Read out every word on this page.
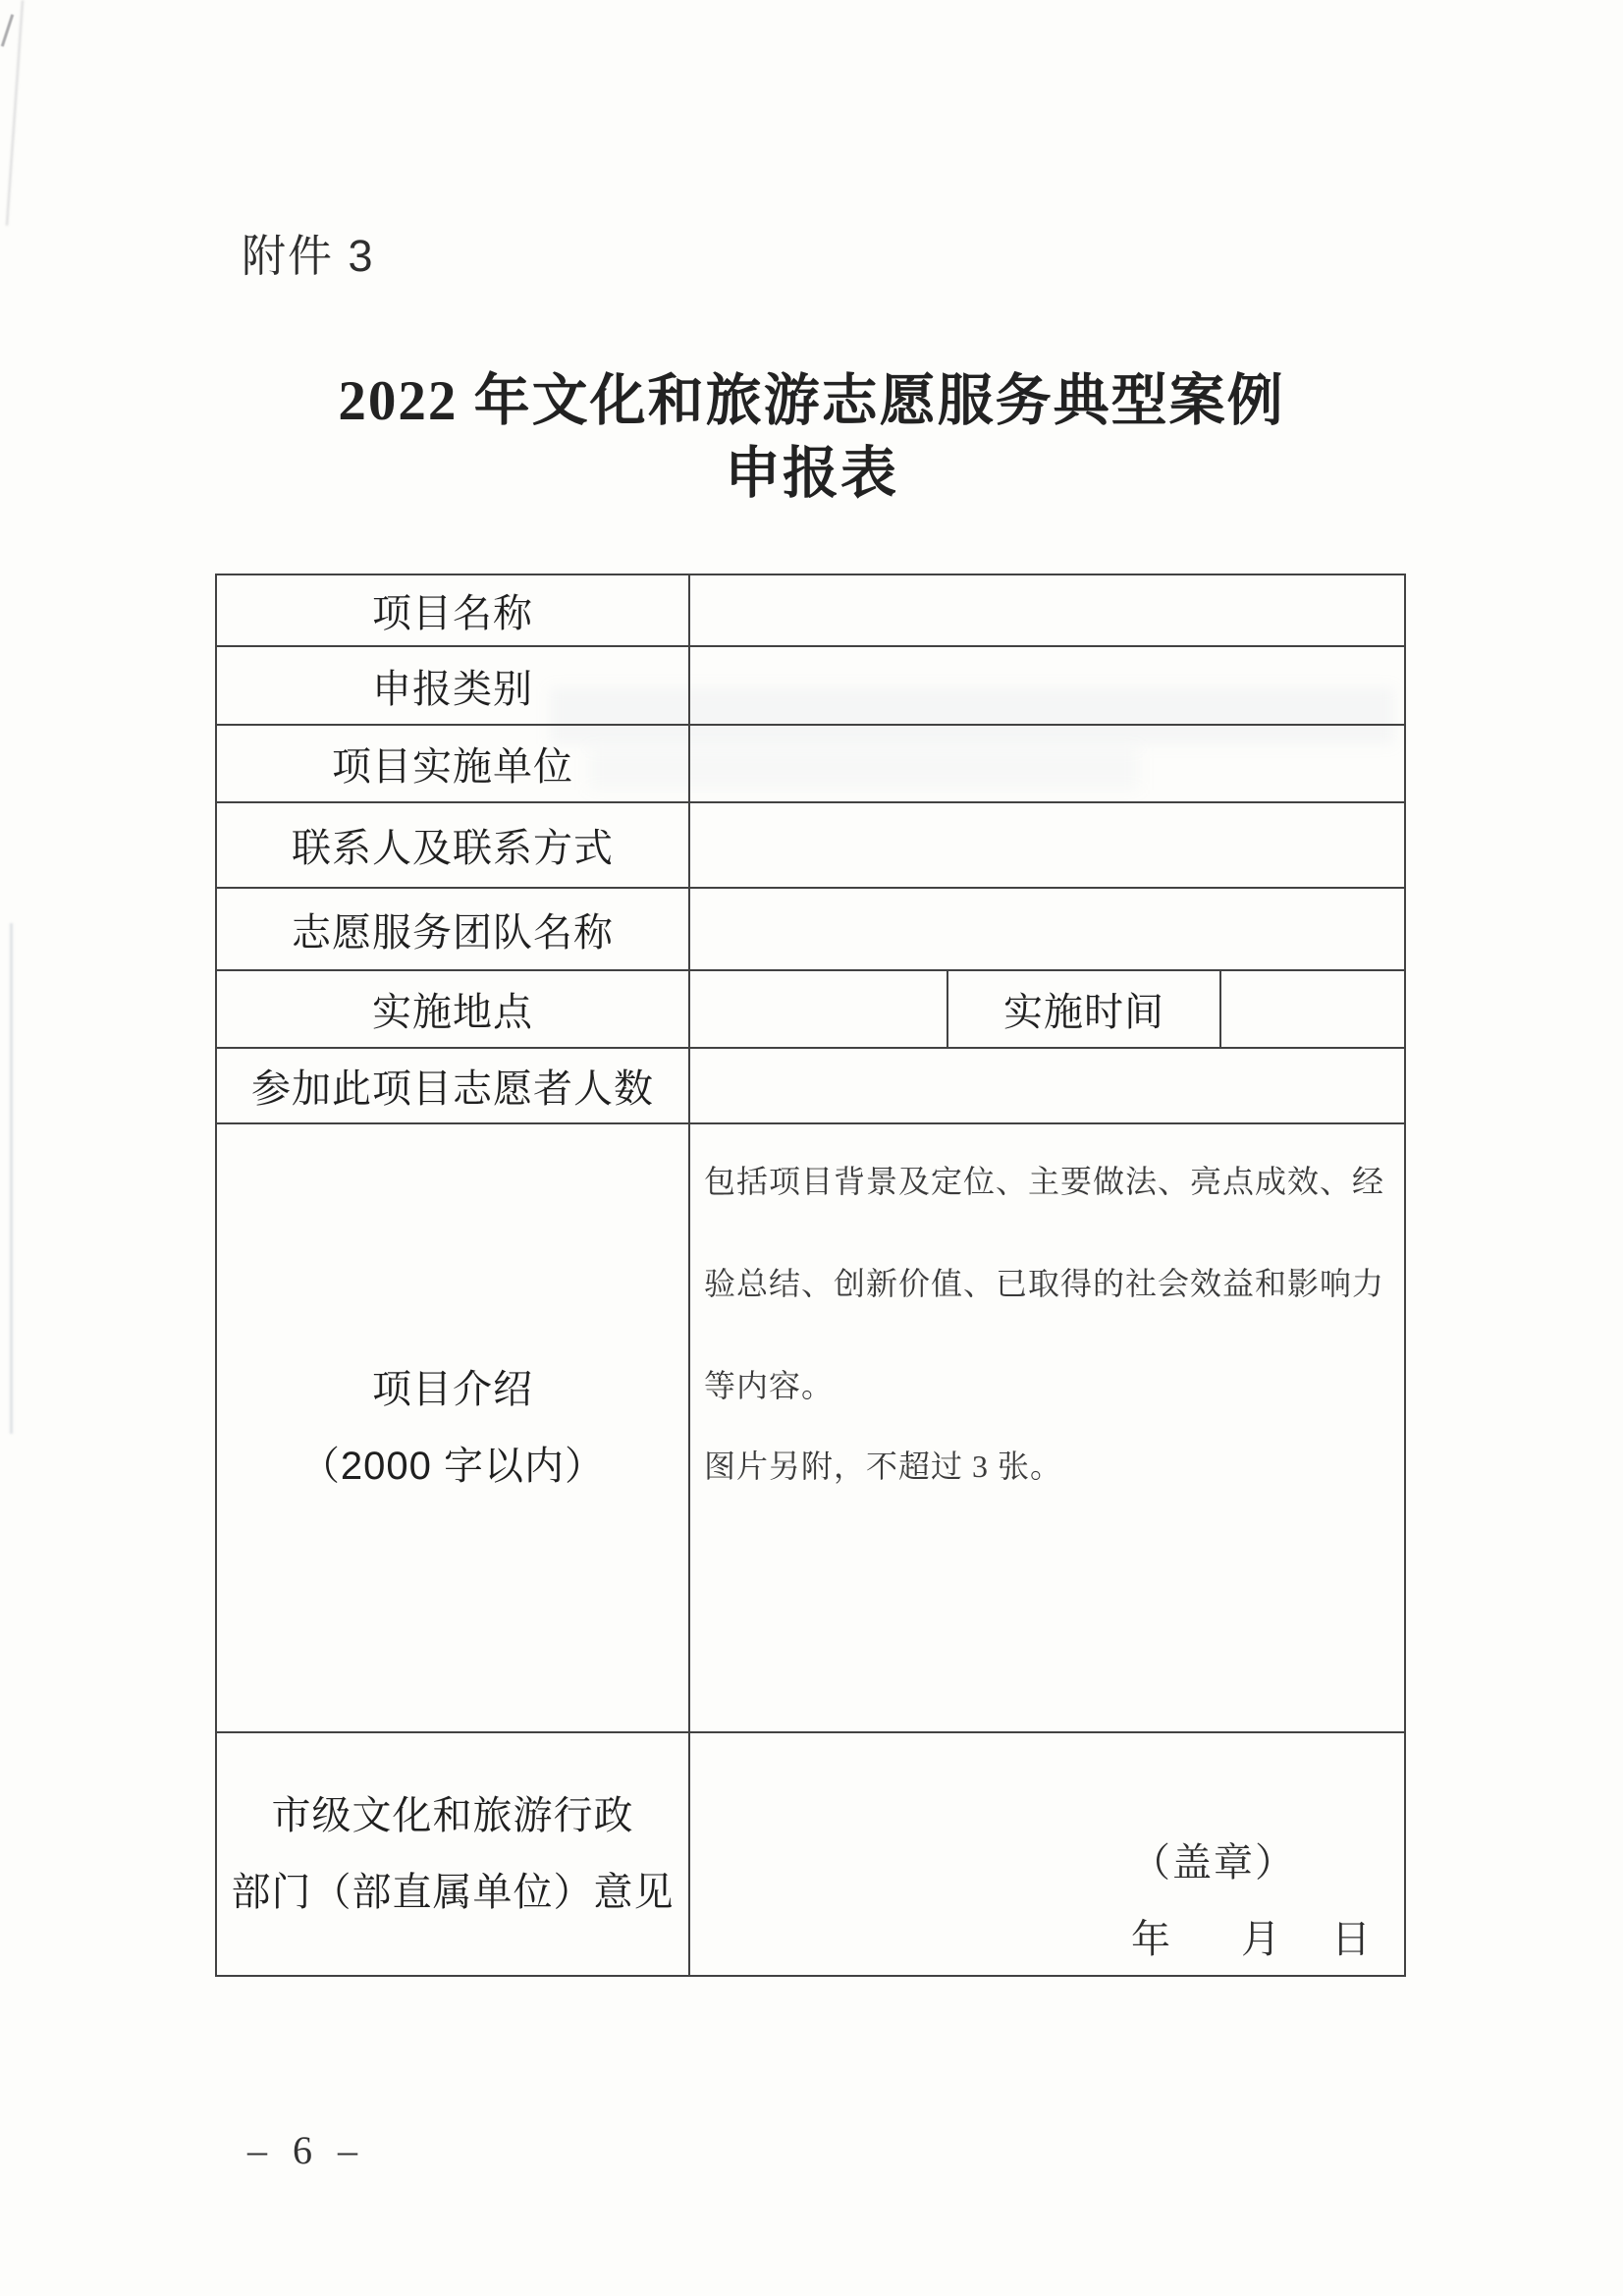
附件 3
2022 年文化和旅游志愿服务典型案例
申报表
项目名称
申报类别
项目实施单位
联系人及联系方式
志愿服务团队名称
实施地点	实施时间
参加此项目志愿者人数
项目介绍
（2000 字以内）

包括项目背景及定位、主要做法、亮点成效、经验总结、创新价值、已取得的社会效益和影响力等内容。

图片另附，不超过 3 张。

市级文化和旅游行政
部门（部直属单位）意见
（盖章）
年 月 日
– 6 –
